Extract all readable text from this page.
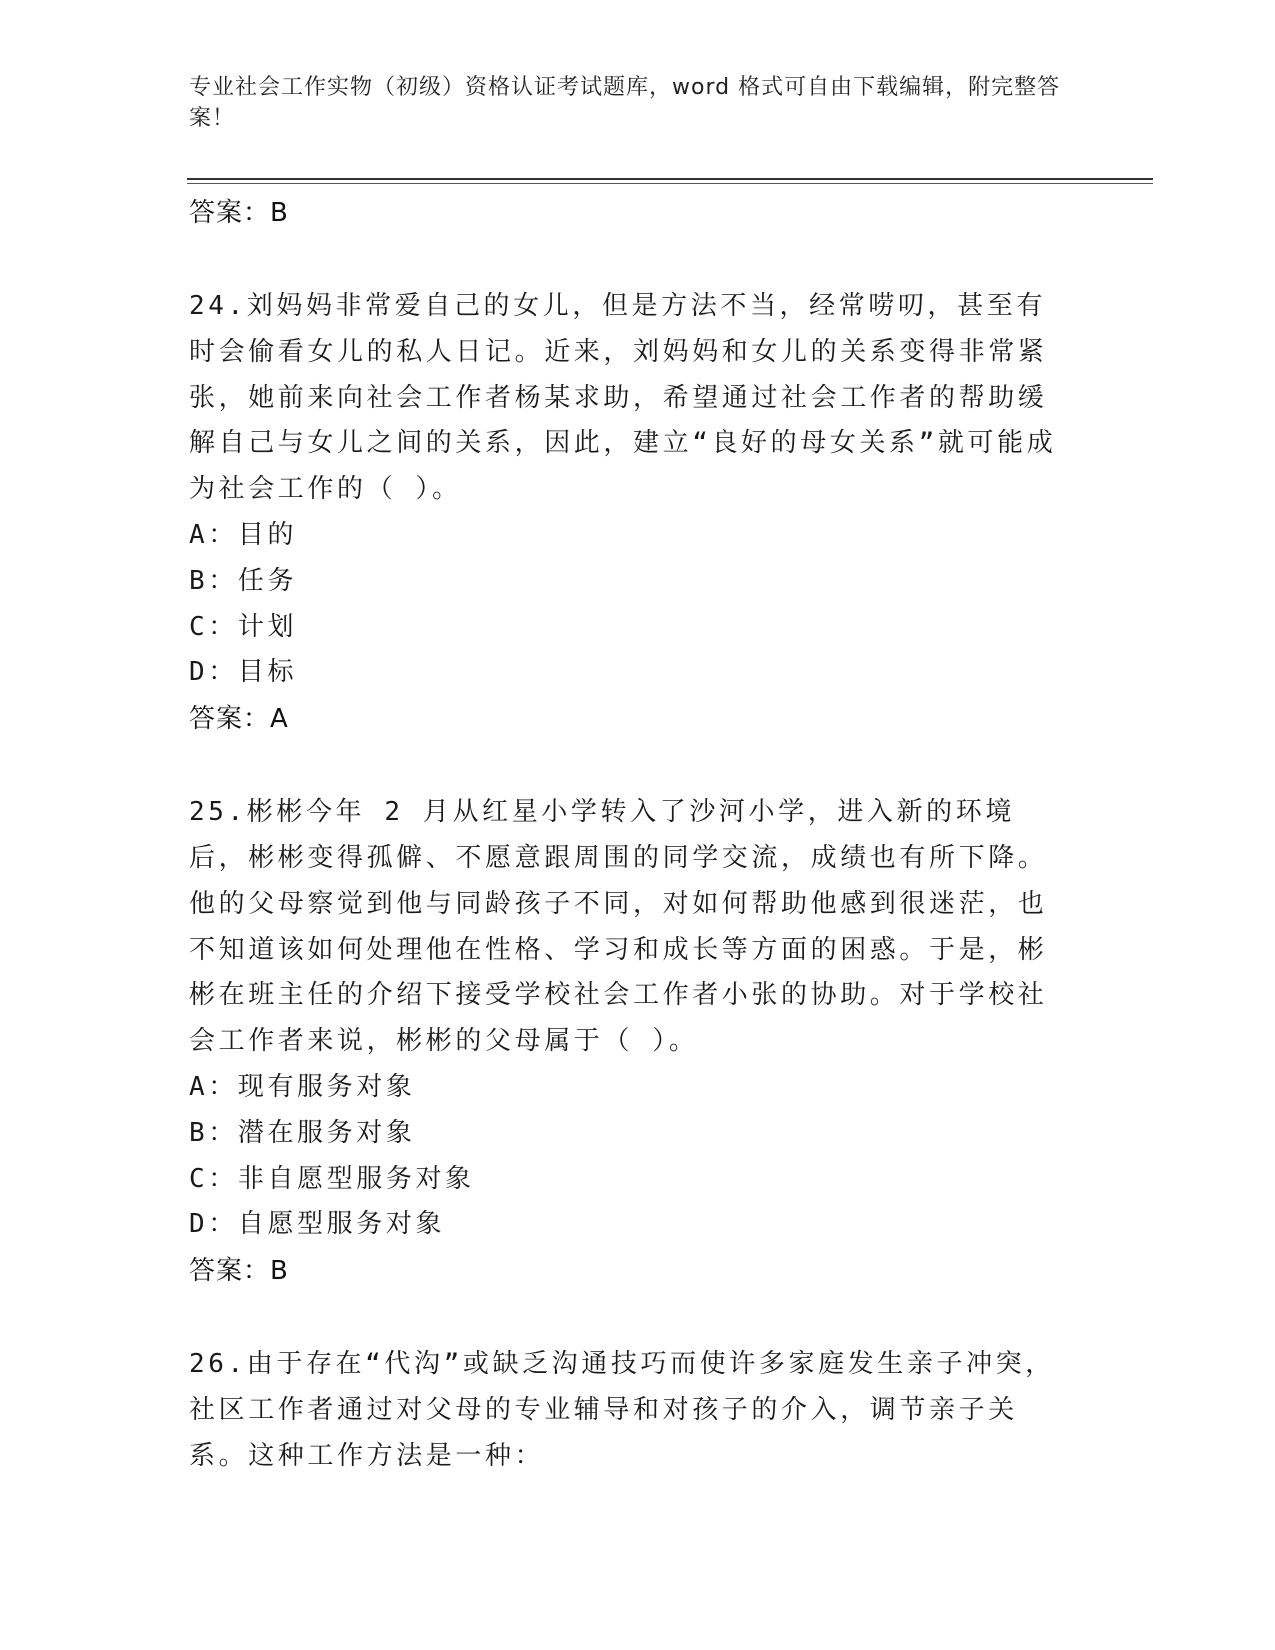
专业社会工作实物（初级）资格认证考试题库，word 格式可自由下载编辑，附完整答案！
答案：B
24.刘妈妈非常爱自己的女儿，但是方法不当，经常唠叨，甚至有时会偷看女儿的私人日记。近来，刘妈妈和女儿的关系变得非常紧张，她前来向社会工作者杨某求助，希望通过社会工作者的帮助缓解自己与女儿之间的关系，因此，建立“良好的母女关系”就可能成为社会工作的（ ）。
A：目的
B：任务
C：计划
D：目标
答案：A
25.彬彬今年 2 月从红星小学转入了沙河小学，进入新的环境后，彬彬变得孤僻、不愿意跟周围的同学交流，成绩也有所下降。他的父母察觉到他与同龄孩子不同，对如何帮助他感到很迷茫，也不知道该如何处理他在性格、学习和成长等方面的困惑。于是，彬彬在班主任的介绍下接受学校社会工作者小张的协助。对于学校社会工作者来说，彬彬的父母属于（ ）。
A：现有服务对象
B：潜在服务对象
C：非自愿型服务对象
D：自愿型服务对象
答案：B
26.由于存在“代沟”或缺乏沟通技巧而使许多家庭发生亲子冲突，社区工作者通过对父母的专业辅导和对孩子的介入，调节亲子关系。这种工作方法是一种：
